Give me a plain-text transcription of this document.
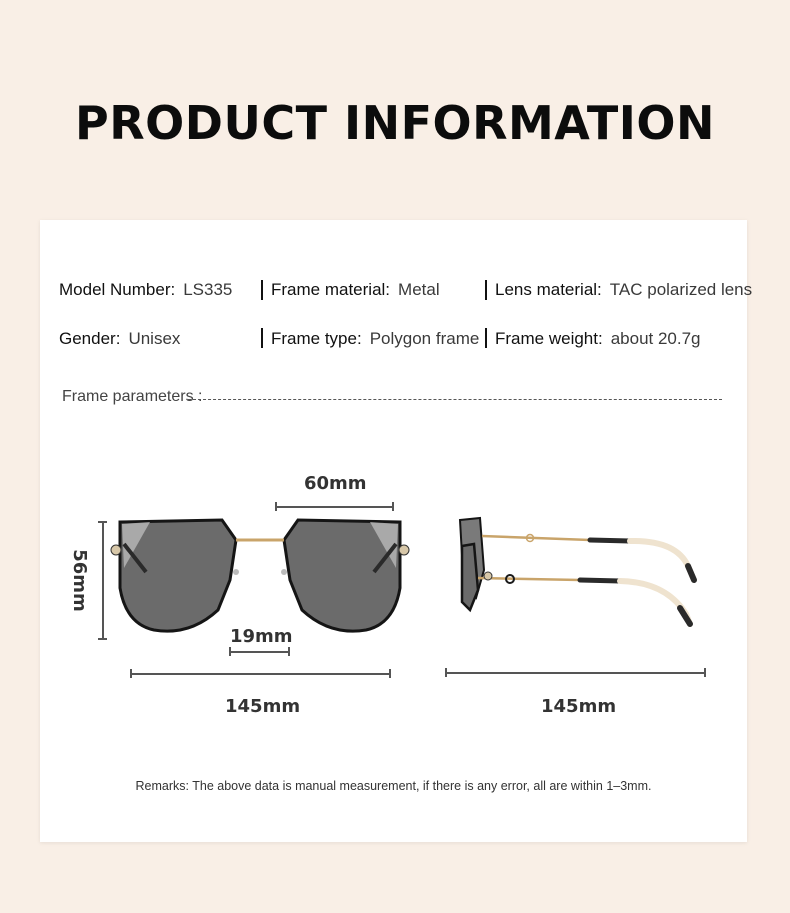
PRODUCT INFORMATION
Model Number: LS335 Frame material: Metal	Lens material: TAC polarized lens
Gender: Unisex	Frame type: Polygon frame Frame weight: about 20.7g
Frame parameters :
60mm
56mm
19mm
145mm	145mm
Remarks: The above data is manual measurement, if there is any error, all are within 1–3mm.
